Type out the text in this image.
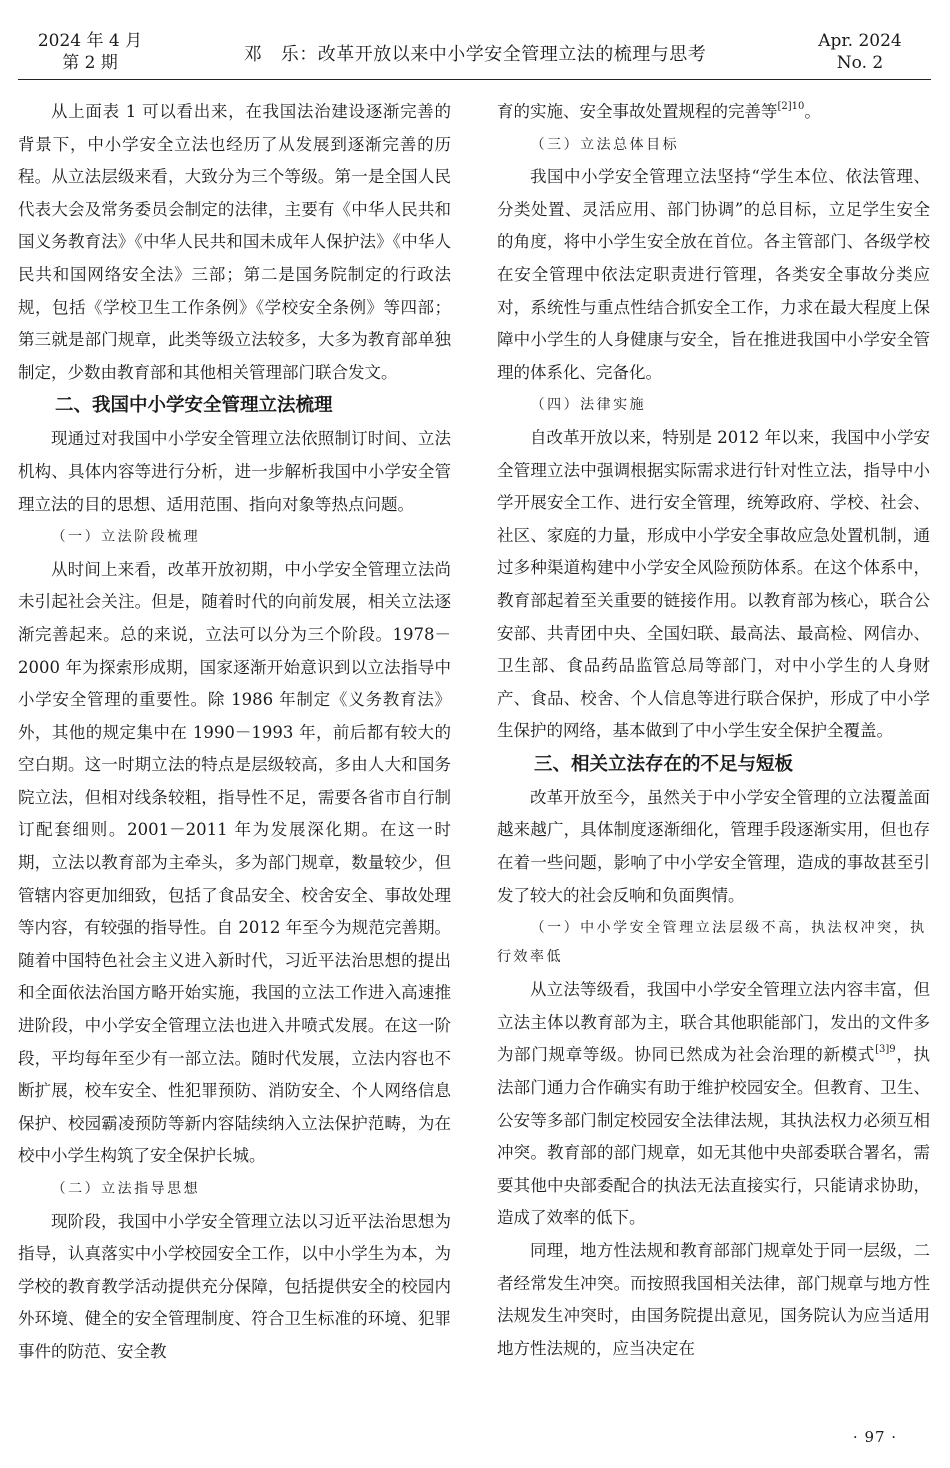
2024 年 4 月
第 2 期	邓　乐：改革开放以来中小学安全管理立法的梳理与思考
Apr. 2024
No. 2

从上面表 1 可以看出来，在我国法治建设逐渐完善的背景下，中小学安全立法也经历了从发展到逐渐完善的历程。从立法层级来看，大致分为三个等级。第一是全国人民代表大会及常务委员会制定的法律，主要有《中华人民共和国义务教育法》《中华人民共和国未成年人保护法》《中华人民共和国网络安全法》三部；第二是国务院制定的行政法规，包括《学校卫生工作条例》《学校安全条例》等四部；第三就是部门规章，此类等级立法较多，大多为教育部单独制定，少数由教育部和其他相关管理部门联合发文。

二、我国中小学安全管理立法梳理

现通过对我国中小学安全管理立法依照制订时间、立法机构、具体内容等进行分析，进一步解析我国中小学安全管理立法的目的思想、适用范围、指向对象等热点问题。

（一）立法阶段梳理

从时间上来看，改革开放初期，中小学安全管理立法尚未引起社会关注。但是，随着时代的向前发展，相关立法逐渐完善起来。总的来说，立法可以分为三个阶段。1978－2000 年为探索形成期，国家逐渐开始意识到以立法指导中小学安全管理的重要性。除 1986 年制定《义务教育法》外，其他的规定集中在 1990－1993 年，前后都有较大的空白期。这一时期立法的特点是层级较高，多由人大和国务院立法，但相对线条较粗，指导性不足，需要各省市自行制订配套细则。2001－2011 年为发展深化期。在这一时期，立法以教育部为主牵头，多为部门规章，数量较少，但管辖内容更加细致，包括了食品安全、校舍安全、事故处理等内容，有较强的指导性。自 2012 年至今为规范完善期。随着中国特色社会主义进入新时代，习近平法治思想的提出和全面依法治国方略开始实施，我国的立法工作进入高速推进阶段，中小学安全管理立法也进入井喷式发展。在这一阶段，平均每年至少有一部立法。随时代发展，立法内容也不断扩展，校车安全、性犯罪预防、消防安全、个人网络信息保护、校园霸凌预防等新内容陆续纳入立法保护范畴，为在校中小学生构筑了安全保护长城。

（二）立法指导思想

现阶段，我国中小学安全管理立法以习近平法治思想为指导，认真落实中小学校园安全工作，以中小学生为本，为学校的教育教学活动提供充分保障，包括提供安全的校园内外环境、健全的安全管理制度、符合卫生标准的环境、犯罪事件的防范、安全教

育的实施、安全事故处置规程的完善等$^{[2]10}$。

（三）立法总体目标

我国中小学安全管理立法坚持“学生本位、依法管理、分类处置、灵活应用、部门协调”的总目标，立足学生安全的角度，将中小学生安全放在首位。各主管部门、各级学校在安全管理中依法定职责进行管理，各类安全事故分类应对，系统性与重点性结合抓安全工作，力求在最大程度上保障中小学生的人身健康与安全，旨在推进我国中小学安全管理的体系化、完备化。

（四）法律实施

自改革开放以来，特别是 2012 年以来，我国中小学安全管理立法中强调根据实际需求进行针对性立法，指导中小学开展安全工作、进行安全管理，统筹政府、学校、社会、社区、家庭的力量，形成中小学安全事故应急处置机制，通过多种渠道构建中小学安全风险预防体系。在这个体系中，教育部起着至关重要的链接作用。以教育部为核心，联合公安部、共青团中央、全国妇联、最高法、最高检、网信办、卫生部、食品药品监管总局等部门，对中小学生的人身财产、食品、校舍、个人信息等进行联合保护，形成了中小学生保护的网络，基本做到了中小学生安全保护全覆盖。

三、相关立法存在的不足与短板

改革开放至今，虽然关于中小学安全管理的立法覆盖面越来越广，具体制度逐渐细化，管理手段逐渐实用，但也存在着一些问题，影响了中小学安全管理，造成的事故甚至引发了较大的社会反响和负面舆情。

（一）中小学安全管理立法层级不高，执法权冲突，执行效率低

从立法等级看，我国中小学安全管理立法内容丰富，但立法主体以教育部为主，联合其他职能部门，发出的文件多为部门规章等级。协同已然成为社会治理的新模式$^{[3]9}$，执法部门通力合作确实有助于维护校园安全。但教育、卫生、公安等多部门制定校园安全法律法规，其执法权力必须互相冲突。教育部的部门规章，如无其他中央部委联合署名，需要其他中央部委配合的执法无法直接实行，只能请求协助，造成了效率的低下。

同理，地方性法规和教育部部门规章处于同一层级，二者经常发生冲突。而按照我国相关法律，部门规章与地方性法规发生冲突时，由国务院提出意见，国务院认为应当适用地方性法规的，应当决定在

· 97 ·
